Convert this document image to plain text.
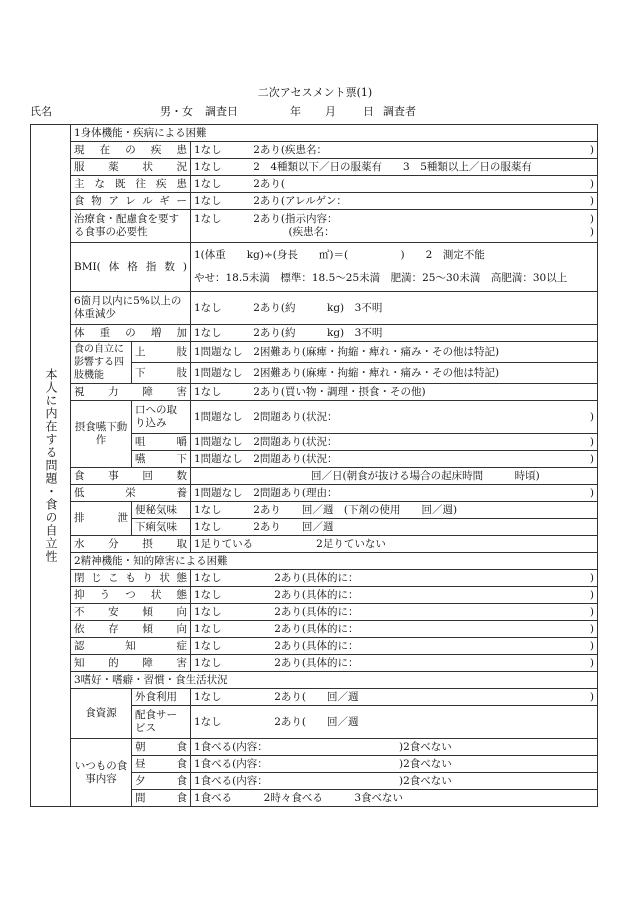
二次アセスメント票(1)
氏名	男・女 調査日	年 月 日 調査者
本人に内在する問題・食の自立性	1身体機能・疾病による困難		
	現在の疾患		1なし　　　 2あり(疾患名： )

	服薬状況		1なし　　　 2　4種類以下／日の服薬有　　3　5種類以上／日の服薬有
	主な既往疾患		1なし　　　 2あり( )

	食物アレルギー		1なし　　　 2あり(アレルゲン： )

	治療食・配慮食を要する食事の必要性		1なし　　　 2あり(指示内容： )
　　　　　　　　　(疾患名： )

	BMI(体格指数)		1(体重　　kg)÷(身長　　㎡)＝(　　　　　)　　2　測定不能
やせ：18.5未満　標準：18.5～25未満　肥満：25～30未満　高肥満：30以上

	6箇月以内に5%以上の体重減少		1なし　　　 2あり(約　　　kg)　3不明
	体重の増加		1なし　　　 2あり(約　　　kg)　3不明
	食の自立に影響する四肢機能	上　　肢	1問題なし　 2困難あり(麻痺・拘縮・痺れ・痛み・その他は特記)
		下　　肢	1問題なし　 2困難あり(麻痺・拘縮・痺れ・痛み・その他は特記)
	視力障害		1なし　　　 2あり(買い物・調理・摂食・その他)
	摂食嚥下動作	口への取り込み	1問題なし　 2問題あり(状況： )

		咀　　嚼	1問題なし　 2問題あり(状況： )

		嚥　　下	1問題なし　 2問題あり(状況： )

	食事回数		回／日(朝食が抜ける場合の起床時間　　　時頃)
	低栄養		1問題なし　 2問題あり(理由： )

	排泄	便秘気味	1なし　　　 2あり　　回／週　(下剤の使用　　回／週)
		下痢気味	1なし　　　 2あり　　回／週
	水分摂取		1足りている　　　　　　2足りていない
	2精神機能・知的障害による困難		
	閉じこもり状態		1なし　　　　　 2あり(具体的に： )

	抑うつ状態		1なし　　　　　 2あり(具体的に： )

	不安傾向		1なし　　　　　 2あり(具体的に： )

	依存傾向		1なし　　　　　 2あり(具体的に： )

	認知症		1なし　　　　　 2あり(具体的に： )

	知的障害		1なし　　　　　 2あり(具体的に： )

	3嗜好・嗜癖・習慣・食生活状況		
	食資源	外食利用	1なし　　　　　 2あり(　　回／週 )

		配食サービス	1なし　　　　　 2あり(　　回／週
	いつもの食事内容	朝　　食	1食べる(内容：　　　　　　　　　　　　　 )2食べない
		昼　　食	1食べる(内容：　　　　　　　　　　　　　 )2食べない
		夕　　食	1食べる(内容：　　　　　　　　　　　　　 )2食べない
		間　　食	1食べる　　　2時々食べる　　　3食べない
